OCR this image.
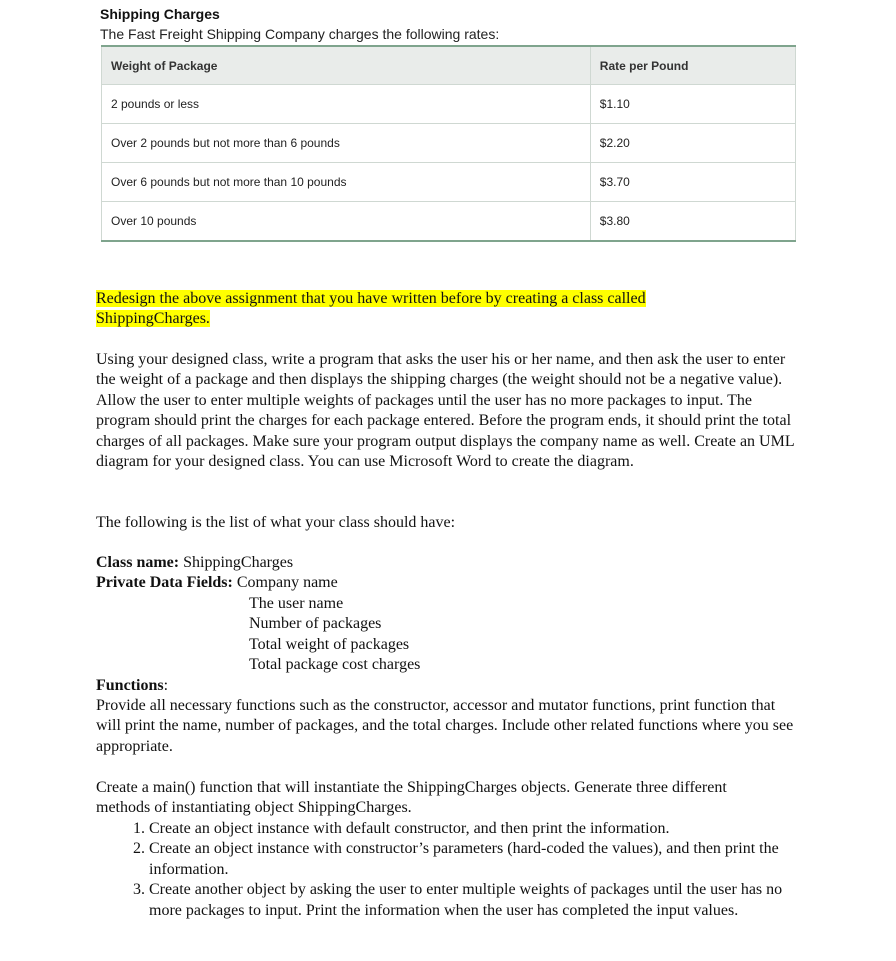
Shipping Charges
The Fast Freight Shipping Company charges the following rates:
Weight of Package	Rate per Pound
2 pounds or less	$1.10
Over 2 pounds but not more than 6 pounds	$2.20
Over 6 pounds but not more than 10 pounds	$3.70
Over 10 pounds	$3.80
Redesign the above assignment that you have written before by creating a class called ShippingCharges.
Using your designed class, write a program that asks the user his or her name, and then ask the user to enter the weight of a package and then displays the shipping charges (the weight should not be a negative value). Allow the user to enter multiple weights of packages until the user has no more packages to input. The program should print the charges for each package entered. Before the program ends, it should print the total charges of all packages. Make sure your program output displays the company name as well. Create an UML diagram for your designed class. You can use Microsoft Word to create the diagram.
The following is the list of what your class should have:
Class name: ShippingCharges
Private Data Fields: Company name
The user name
Number of packages
Total weight of packages
Total package cost charges
Functions:
Provide all necessary functions such as the constructor, accessor and mutator functions, print function that will print the name, number of packages, and the total charges. Include other related functions where you see appropriate.
Create a main() function that will instantiate the ShippingCharges objects. Generate three different methods of instantiating object ShippingCharges.
1. Create an object instance with default constructor, and then print the information.
2. Create an object instance with constructor’s parameters (hard-coded the values), and then print the information.
3. Create another object by asking the user to enter multiple weights of packages until the user has no more packages to input. Print the information when the user has completed the input values.
